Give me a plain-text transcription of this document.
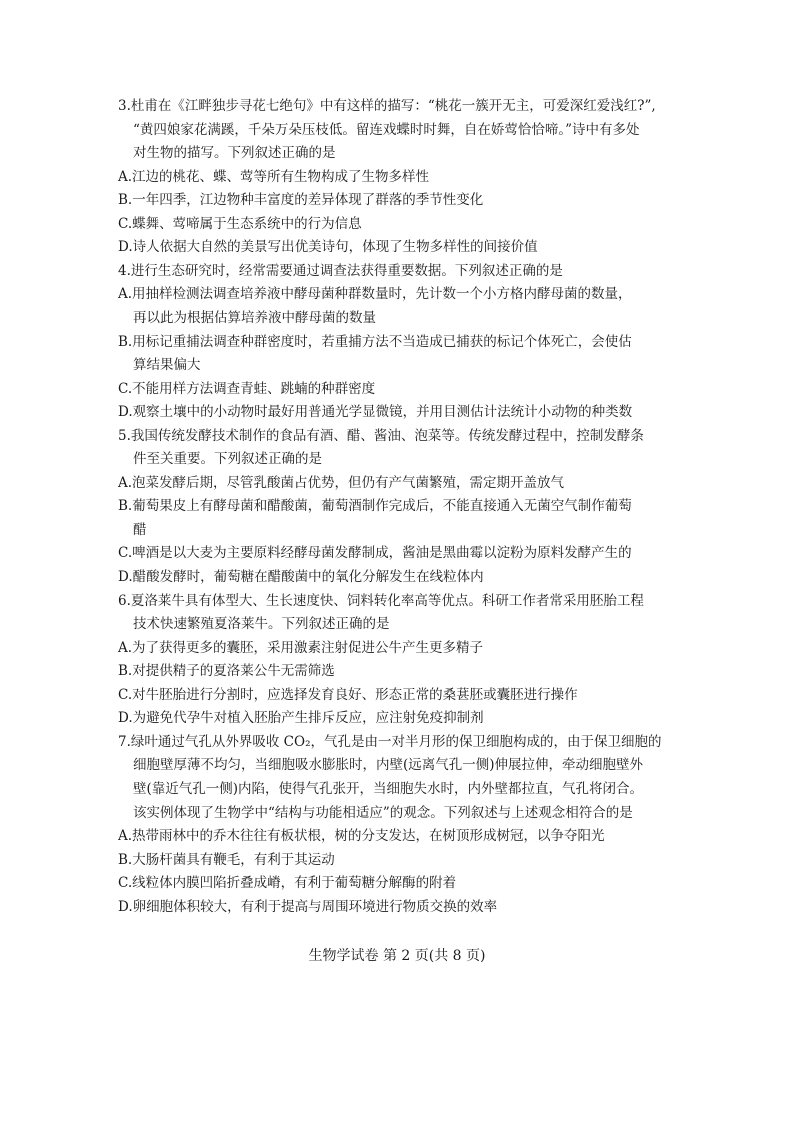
3.杜甫在《江畔独步寻花七绝句》中有这样的描写：“桃花一簇开无主，可爱深红爱浅红?”,
“黄四娘家花满蹊，千朵万朵压枝低。留连戏蝶时时舞，自在娇莺恰恰啼。”诗中有多处
对生物的描写。下列叙述正确的是
A.江边的桃花、蝶、莺等所有生物构成了生物多样性
B.一年四季，江边物种丰富度的差异体现了群落的季节性变化
C.蝶舞、莺啼属于生态系统中的行为信息
D.诗人依据大自然的美景写出优美诗句，体现了生物多样性的间接价值
4.进行生态研究时，经常需要通过调查法获得重要数据。下列叙述正确的是
A.用抽样检测法调查培养液中酵母菌种群数量时，先计数一个小方格内酵母菌的数量，
再以此为根据估算培养液中酵母菌的数量
B.用标记重捕法调查种群密度时，若重捕方法不当造成已捕获的标记个体死亡，会使估
算结果偏大
C.不能用样方法调查青蛙、跳蝻的种群密度
D.观察土壤中的小动物时最好用普通光学显微镜，并用目测估计法统计小动物的种类数
5.我国传统发酵技术制作的食品有酒、醋、酱油、泡菜等。传统发酵过程中，控制发酵条
件至关重要。下列叙述正确的是
A.泡菜发酵后期，尽管乳酸菌占优势，但仍有产气菌繁殖，需定期开盖放气
B.葡萄果皮上有酵母菌和醋酸菌，葡萄酒制作完成后，不能直接通入无菌空气制作葡萄
醋
C.啤酒是以大麦为主要原料经酵母菌发酵制成，酱油是黑曲霉以淀粉为原料发酵产生的
D.醋酸发酵时，葡萄糖在醋酸菌中的氧化分解发生在线粒体内
6.夏洛莱牛具有体型大、生长速度快、饲料转化率高等优点。科研工作者常采用胚胎工程
技术快速繁殖夏洛莱牛。下列叙述正确的是
A.为了获得更多的囊胚，采用激素注射促进公牛产生更多精子
B.对提供精子的夏洛莱公牛无需筛选
C.对牛胚胎进行分割时，应选择发育良好、形态正常的桑葚胚或囊胚进行操作
D.为避免代孕牛对植入胚胎产生排斥反应，应注射免疫抑制剂
7.绿叶通过气孔从外界吸收 CO₂，气孔是由一对半月形的保卫细胞构成的，由于保卫细胞的
细胞壁厚薄不均匀，当细胞吸水膨胀时，内壁(远离气孔一侧)伸展拉伸，牵动细胞壁外
壁(靠近气孔一侧)内陷，使得气孔张开，当细胞失水时，内外壁都拉直，气孔将闭合。
该实例体现了生物学中“结构与功能相适应”的观念。下列叙述与上述观念相符合的是
A.热带雨林中的乔木往往有板状根，树的分支发达，在树顶形成树冠，以争夺阳光
B.大肠杆菌具有鞭毛，有利于其运动
C.线粒体内膜凹陷折叠成嵴，有利于葡萄糖分解酶的附着
D.卵细胞体积较大，有利于提高与周围环境进行物质交换的效率
生物学试卷 第 2 页(共 8 页)
